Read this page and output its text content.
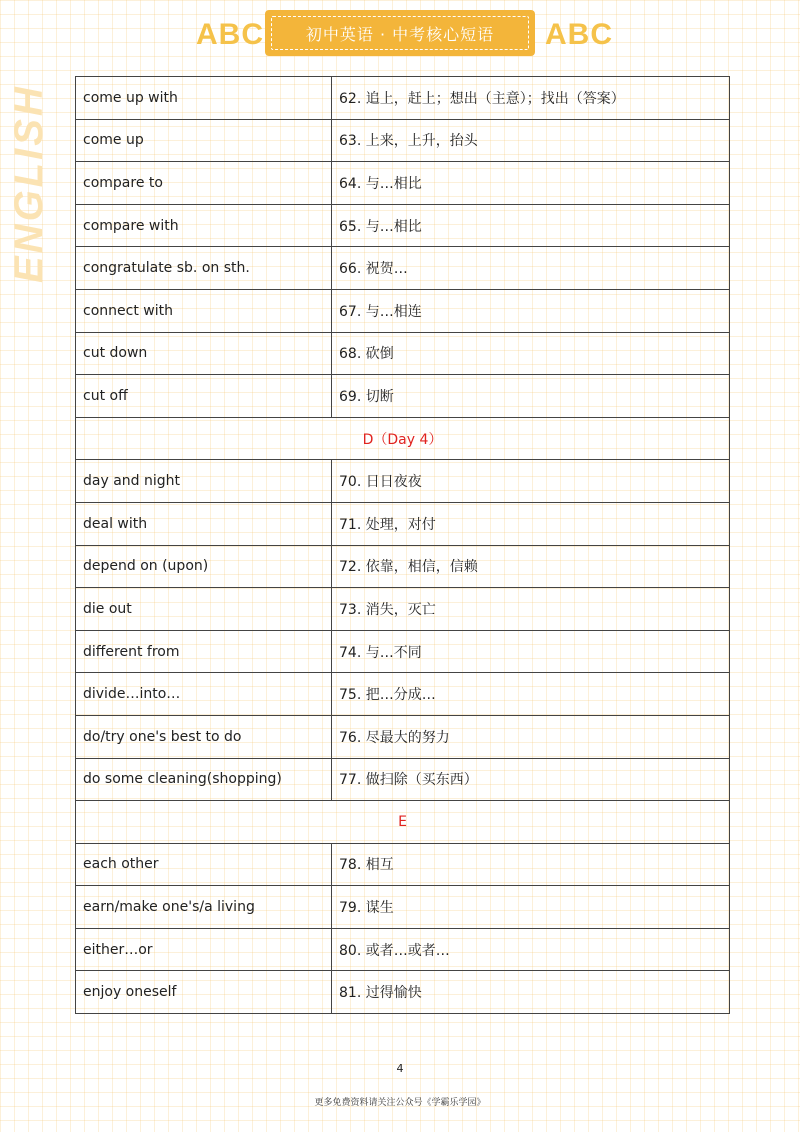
ABC	初中英语 · 中考核心短语	ABC
ENGLISH come up with	62. 追上，赶上；想出（主意）；找出（答案）
come up	63. 上来，上升，抬头
compare to	64. 与…相比
compare with	65. 与…相比
congratulate sb. on sth.	66. 祝贺…
connect with	67. 与…相连
cut down	68. 砍倒
cut off	69. 切断
D（Day 4）	
day and night	70. 日日夜夜
deal with	71. 处理，对付
depend on (upon)	72. 依靠，相信，信赖
die out	73. 消失，灭亡
different from	74. 与…不同
divide…into…	75. 把…分成…
do/try one's best to do	76. 尽最大的努力
do some cleaning(shopping)	77. 做扫除（买东西）
E	
each other	78. 相互
earn/make one's/a living	79. 谋生
either…or	80. 或者…或者…
enjoy oneself	81. 过得愉快
4
更多免费资料请关注公众号《学霸乐学园》
